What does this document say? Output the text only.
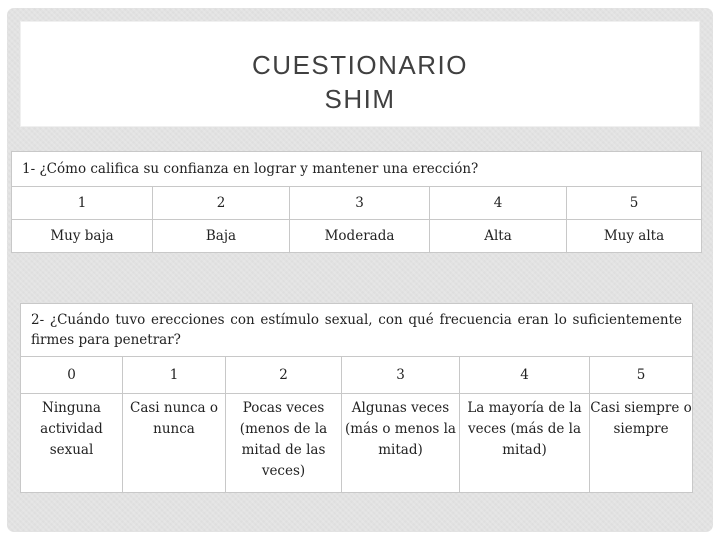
CUESTIONARIO
SHIM
1- ¿Cómo califica su confianza en lograr y mantener una erección?				
1	2	3	4	5
Muy baja	Baja	Moderada	Alta	Muy alta
2- ¿Cuándo tuvo erecciones con estímulo sexual, con qué frecuencia eran lo suficientemente firmes para penetrar?					
0	1	2	3	4	5
Ninguna actividad sexual	Casi nunca o nunca	Pocas veces (menos de la mitad de las veces)	Algunas veces (más o menos la mitad)	La mayoría de la veces (más de la mitad)	Casi siempre o siempre
